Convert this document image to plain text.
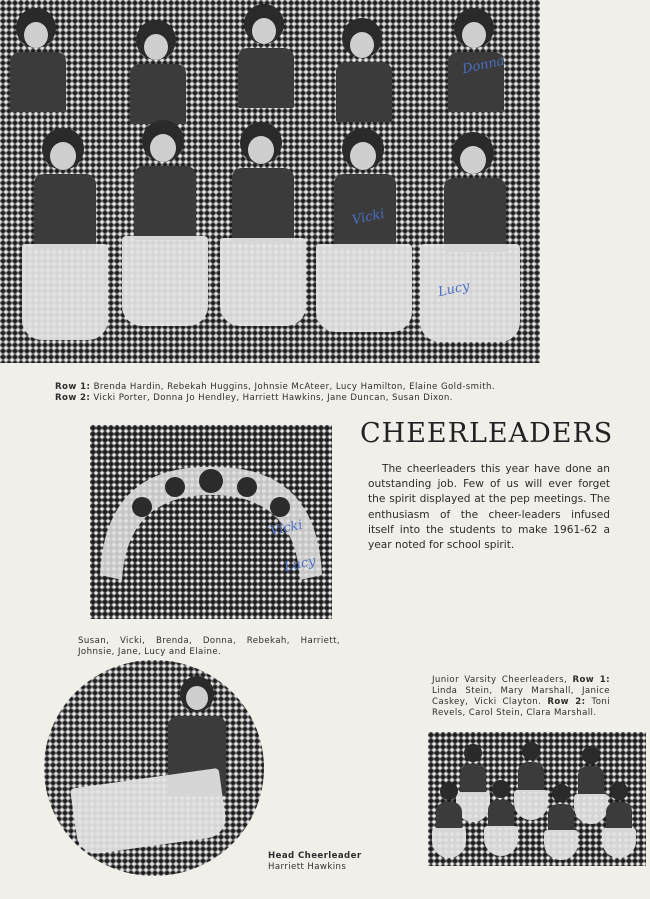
Donna
Vicki
Lucy
Row 1: Brenda Hardin, Rebekah Huggins, Johnsie McAteer, Lucy Hamilton, Elaine Gold-smith. Row 2: Vicki Porter, Donna Jo Hendley, Harriett Hawkins, Jane Duncan, Susan Dixon.
Vicki
Lucy
Susan, Vicki, Brenda, Donna, Rebekah, Harriett, Johnsie, Jane, Lucy and Elaine.
CHEERLEADERS

The cheerleaders this year have done an outstanding job. Few of us will ever forget the spirit displayed at the pep meetings. The enthusiasm of the cheer-leaders infused itself into the students to make 1961-62 a year noted for school spirit.

Head Cheerleader
Harriett Hawkins
Junior Varsity Cheerleaders, Row 1: Linda Stein, Mary Marshall, Janice Caskey, Vicki Clayton. Row 2: Toni Revels, Carol Stein, Clara Marshall.
